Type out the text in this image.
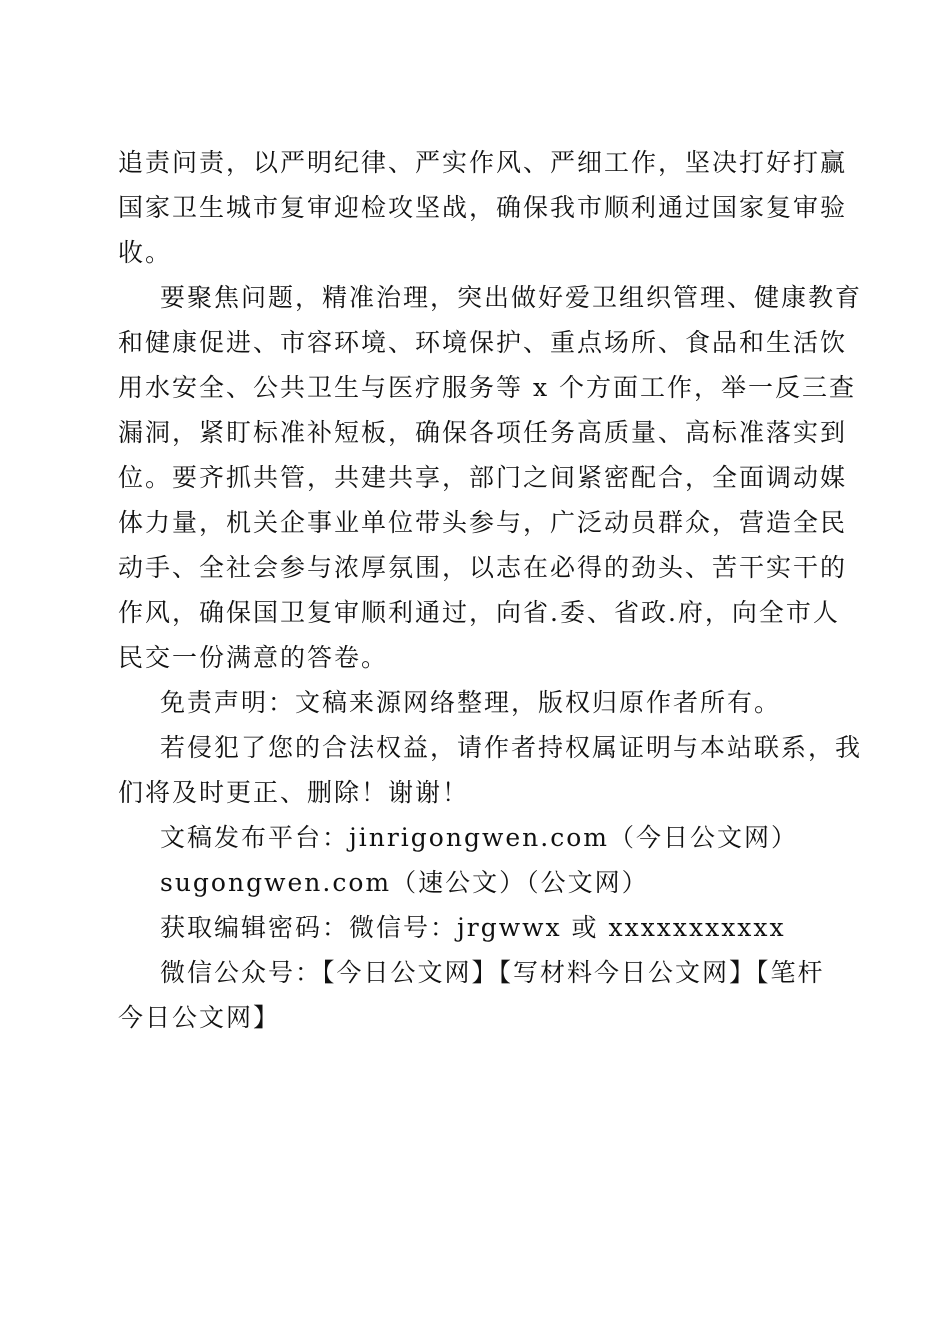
追责问责，以严明纪律、严实作风、严细工作，坚决打好打赢
国家卫生城市复审迎检攻坚战，确保我市顺利通过国家复审验
收。

要聚焦问题，精准治理，突出做好爱卫组织管理、健康教育
和健康促进、市容环境、环境保护、重点场所、食品和生活饮
用水安全、公共卫生与医疗服务等 x 个方面工作，举一反三查
漏洞，紧盯标准补短板，确保各项任务高质量、高标准落实到
位。要齐抓共管，共建共享，部门之间紧密配合，全面调动媒
体力量，机关企事业单位带头参与，广泛动员群众，营造全民
动手、全社会参与浓厚氛围，以志在必得的劲头、苦干实干的
作风，确保国卫复审顺利通过，向省.委、省政.府，向全市人
民交一份满意的答卷。

免责声明：文稿来源网络整理，版权归原作者所有。

若侵犯了您的合法权益，请作者持权属证明与本站联系，我
们将及时更正、删除！谢谢！

文稿发布平台：jinrigongwen.com（今日公文网）

sugongwen.com（速公文）（公文网）

获取编辑密码：微信号：jrgwwx 或 xxxxxxxxxxx

微信公众号：【今日公文网】【写材料今日公文网】【笔杆
今日公文网】
